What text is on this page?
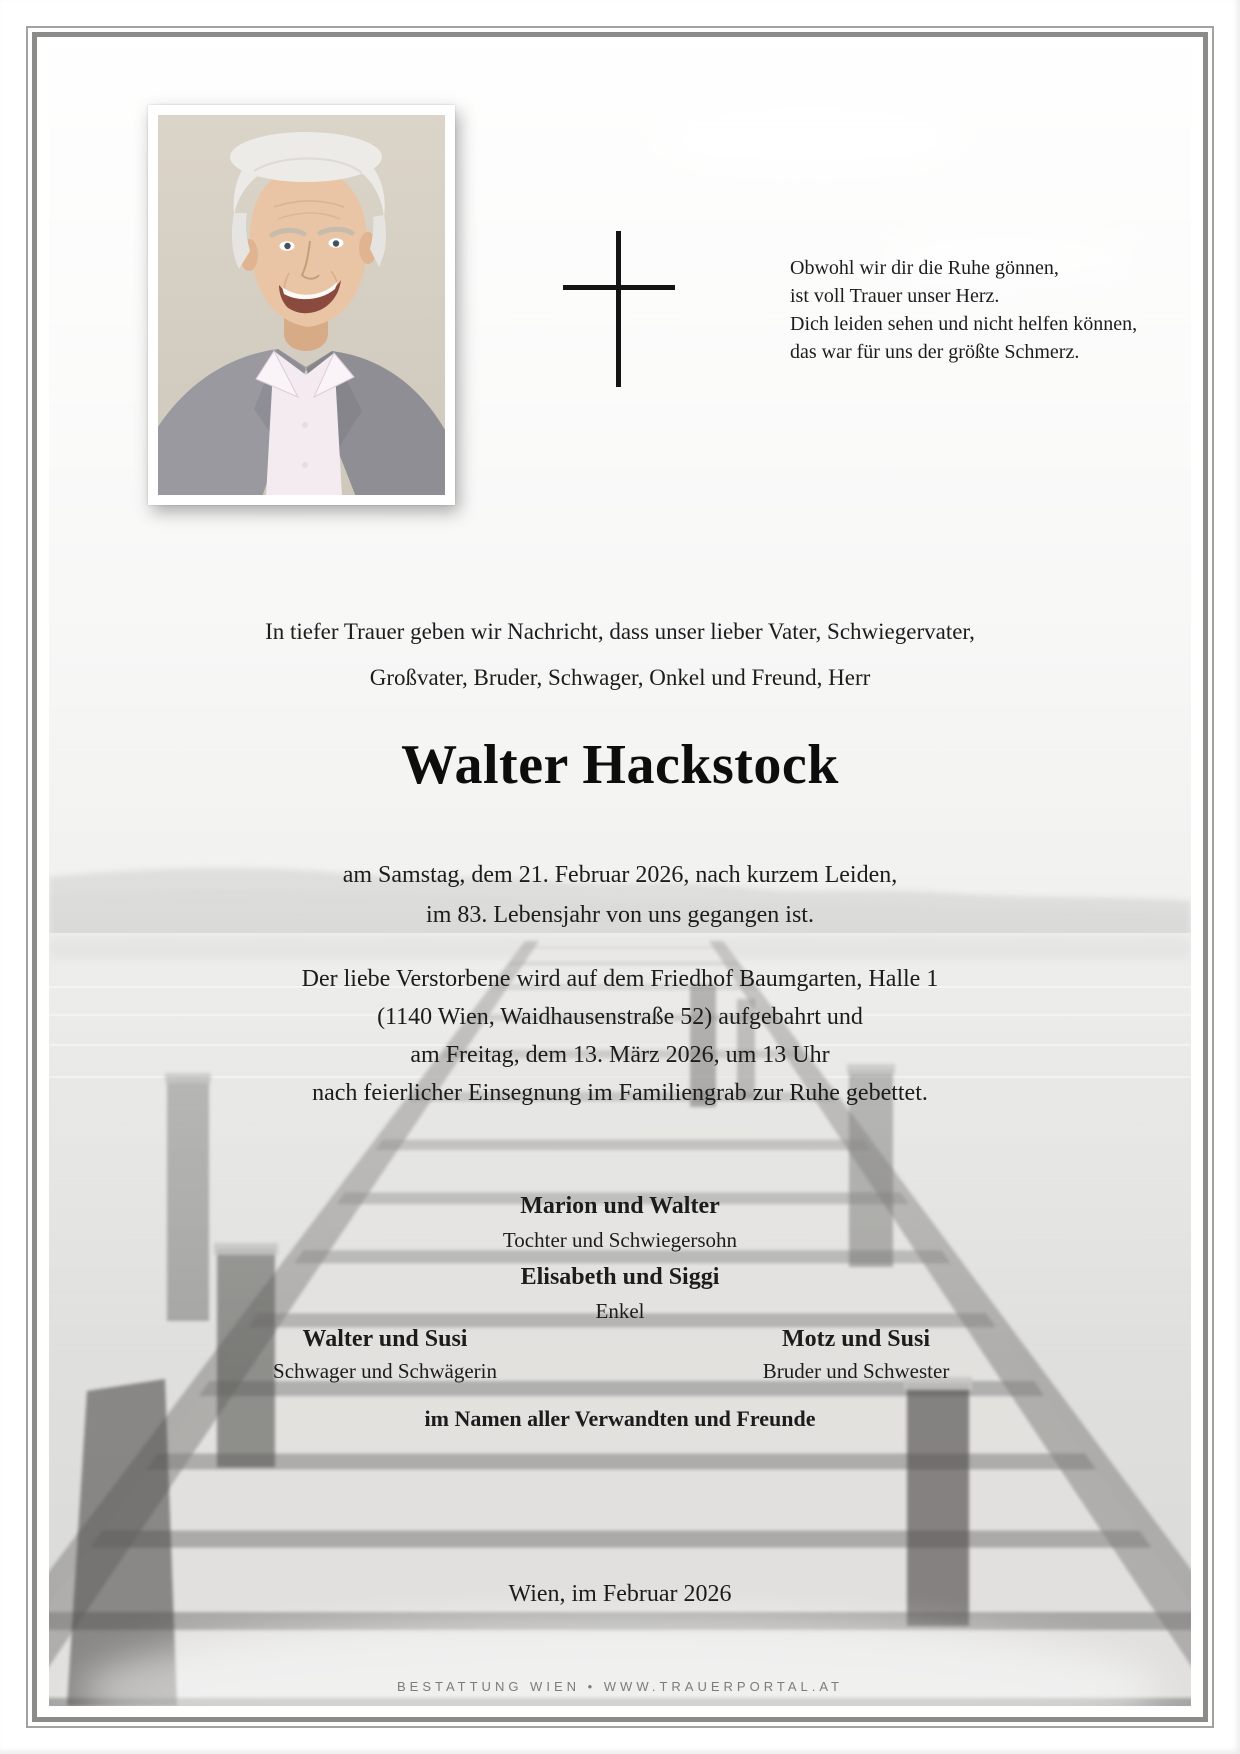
Obwohl wir dir die Ruhe gönnen,
ist voll Trauer unser Herz.
Dich leiden sehen und nicht helfen können,
das war für uns der größte Schmerz.
In tiefer Trauer geben wir Nachricht, dass unser lieber Vater, Schwiegervater,
Großvater, Bruder, Schwager, Onkel und Freund, Herr
Walter Hackstock
am Samstag, dem 21. Februar 2026, nach kurzem Leiden,
im 83. Lebensjahr von uns gegangen ist.
Der liebe Verstorbene wird auf dem Friedhof Baumgarten, Halle 1
(1140 Wien, Waidhausenstraße 52) aufgebahrt und
am Freitag, dem 13. März 2026, um 13 Uhr
nach feierlicher Einsegnung im Familiengrab zur Ruhe gebettet.
Marion und Walter
Tochter und Schwiegersohn
Elisabeth und Siggi
Enkel
Walter und Susi
Schwager und Schwägerin
Motz und Susi
Bruder und Schwester
im Namen aller Verwandten und Freunde
Wien, im Februar 2026
BESTATTUNG WIEN • WWW.TRAUERPORTAL.AT
